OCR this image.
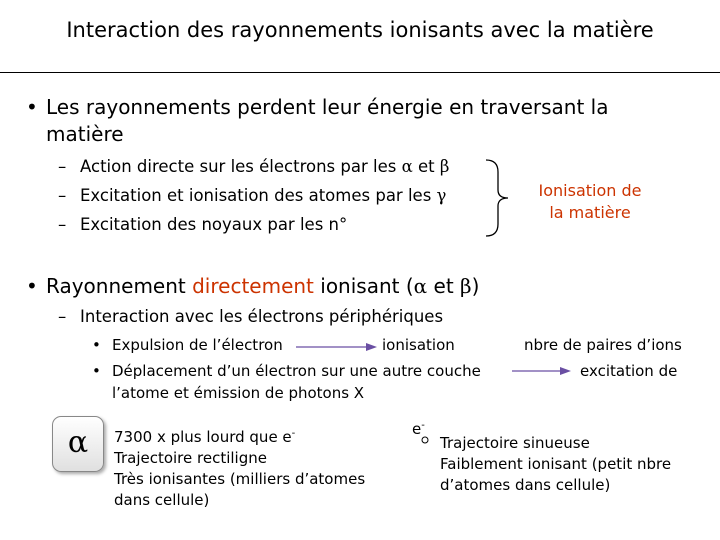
Interaction des rayonnements ionisants avec la matière
• Les rayonnements perdent leur énergie en traversant la
matière
– Action directe sur les électrons par les α et β
– Excitation et ionisation des atomes par les γ
– Excitation des noyaux par les n°
Ionisation de
la matière
• Rayonnement directement ionisant (α et β)
– Interaction avec les électrons périphériques
• Expulsion de l’électron	ionisation	nbre de paires d’ions
• Déplacement d’un électron sur une autre couche
l’atome et émission de photons X
excitation de
α	7300 x plus lourd que e-
Trajectoire rectiligne
Très ionisantes (milliers d’atomes
dans cellule)
e-
Trajectoire sinueuse
Faiblement ionisant (petit nbre
d’atomes dans cellule)
